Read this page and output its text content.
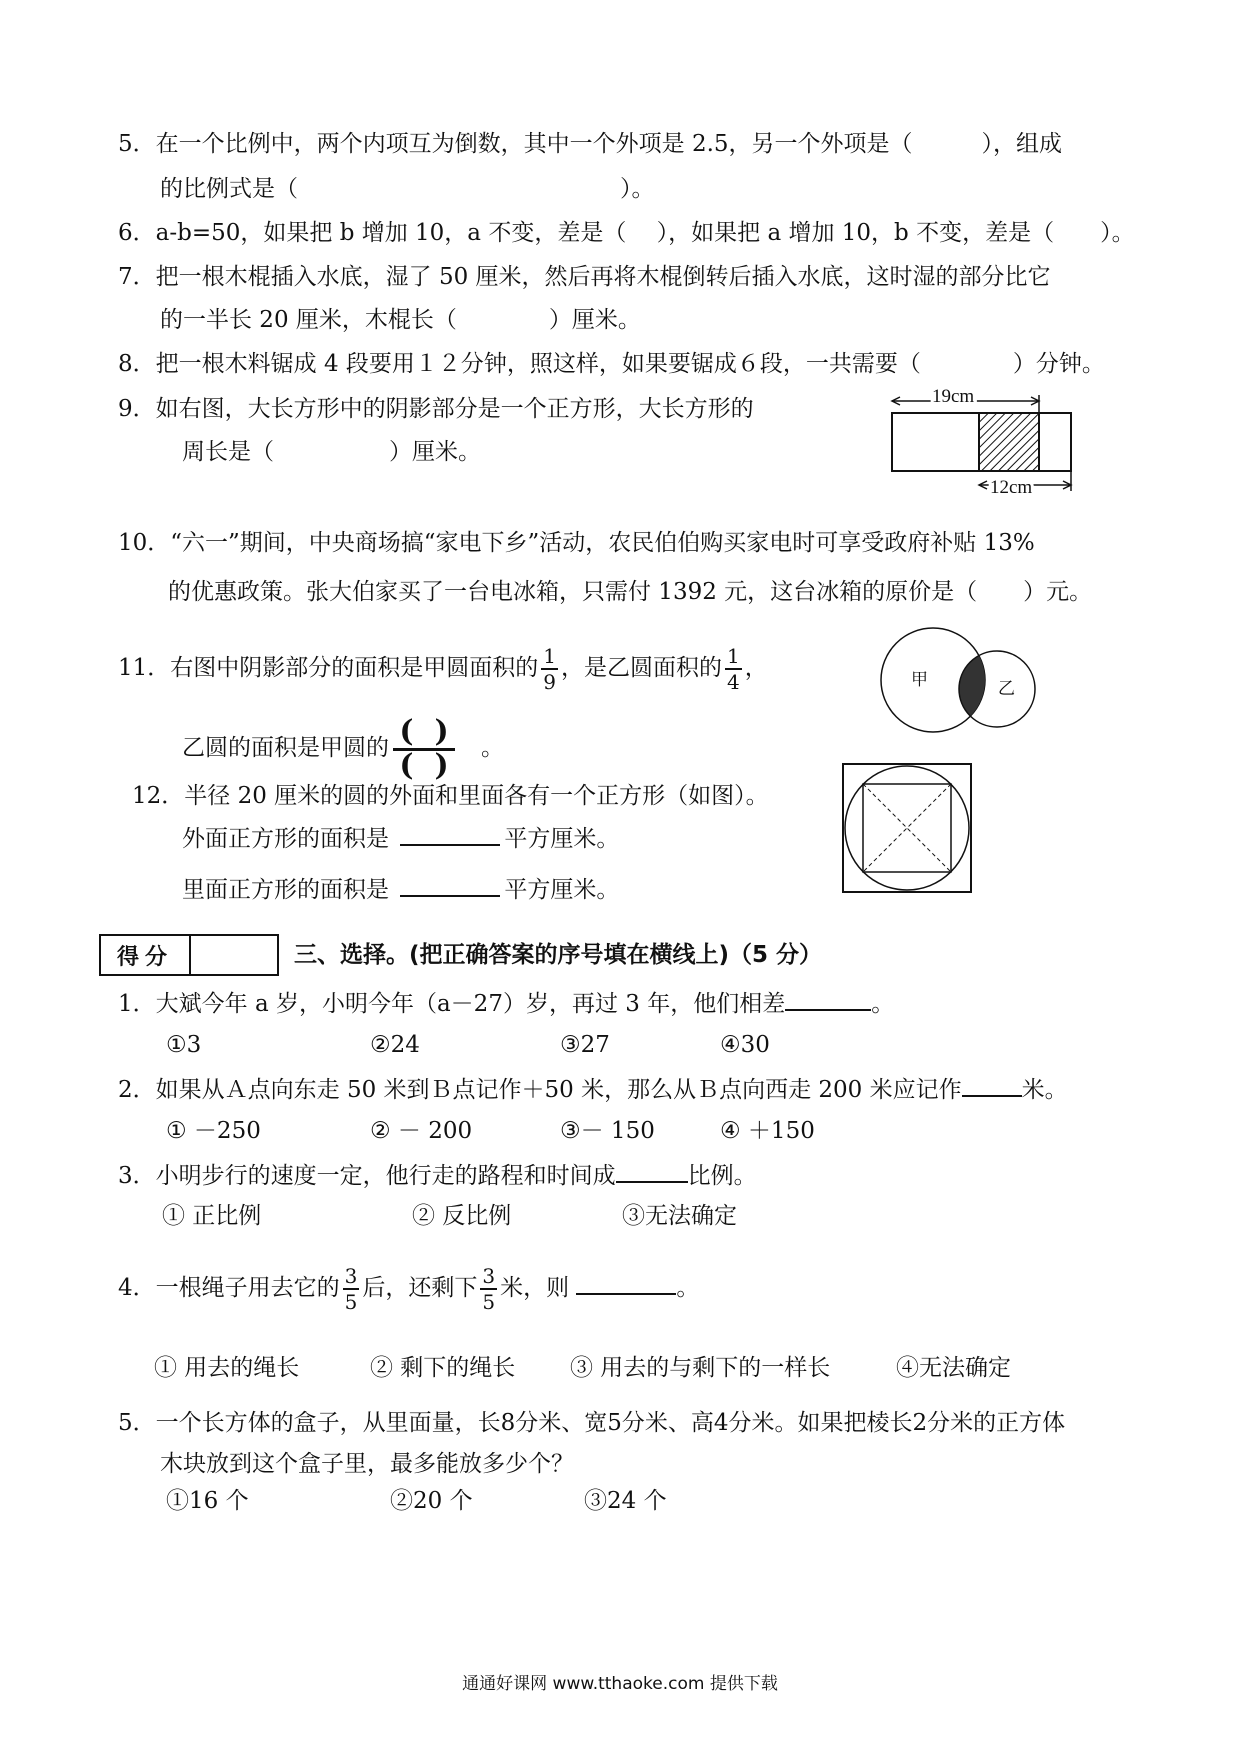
5．在一个比例中，两个内项互为倒数，其中一个外项是 2.5，另一个外项是（　　　），组成
的比例式是（　　　　　　　　　　　　　　）。
6．a-b=50，如果把 b 增加 10，a 不变，差是（　 ），如果把 a 增加 10，b 不变，差是（　　）。
7．把一根木棍插入水底，湿了 50 厘米，然后再将木棍倒转后插入水底，这时湿的部分比它
的一半长 20 厘米，木棍长（　　　　）厘米。
8．把一根木料锯成 4 段要用１２分钟，照这样，如果要锯成６段，一共需要（　　　　）分钟。
9．如右图，大长方形中的阴影部分是一个正方形，大长方形的
周长是（　　　　　）厘米。
19cm
12cm
10．“六一”期间，中央商场搞“家电下乡”活动，农民伯伯购买家电时可享受政府补贴 13%
的优惠政策。张大伯家买了一台电冰箱，只需付 1392 元，这台冰箱的原价是（　　）元。
11．右图中阴影部分的面积是甲圆面积的 $\frac{1}{9}$ ，是乙圆面积的 $\frac{1}{4}$ ，
乙圆的面积是甲圆的 ( )
( ) 。
甲	乙
12．半径 20 厘米的圆的外面和里面各有一个正方形（如图）。
外面正方形的面积是	平方厘米。
里面正方形的面积是	平方厘米。
得分	三、选择。(把正确答案的序号填在横线上)（5 分）
1．大斌今年 a 岁，小明今年（a－27）岁，再过 3 年，他们相差	。
①3	②24	③27	④30
2．如果从Ａ点向东走 50 米到Ｂ点记作＋50 米，那么从Ｂ点向西走 200 米应记作	米。
① －250	② － 200	③－ 150	④ ＋150
3．小明步行的速度一定，他行走的路程和时间成	比例。
① 正比例	② 反比例	③无法确定
4．一根绳子用去它的 $\frac{3}{5}$ 后，还剩下 $\frac{3}{5}$ 米，则	。
① 用去的绳长	② 剩下的绳长 ③ 用去的与剩下的一样长	④无法确定
5．一个长方体的盒子，从里面量，长8分米、宽5分米、高4分米。如果把棱长2分米的正方体
木块放到这个盒子里，最多能放多少个？
①16 个	②20 个	③24 个
通通好课网 www.tthaoke.com 提供下载
